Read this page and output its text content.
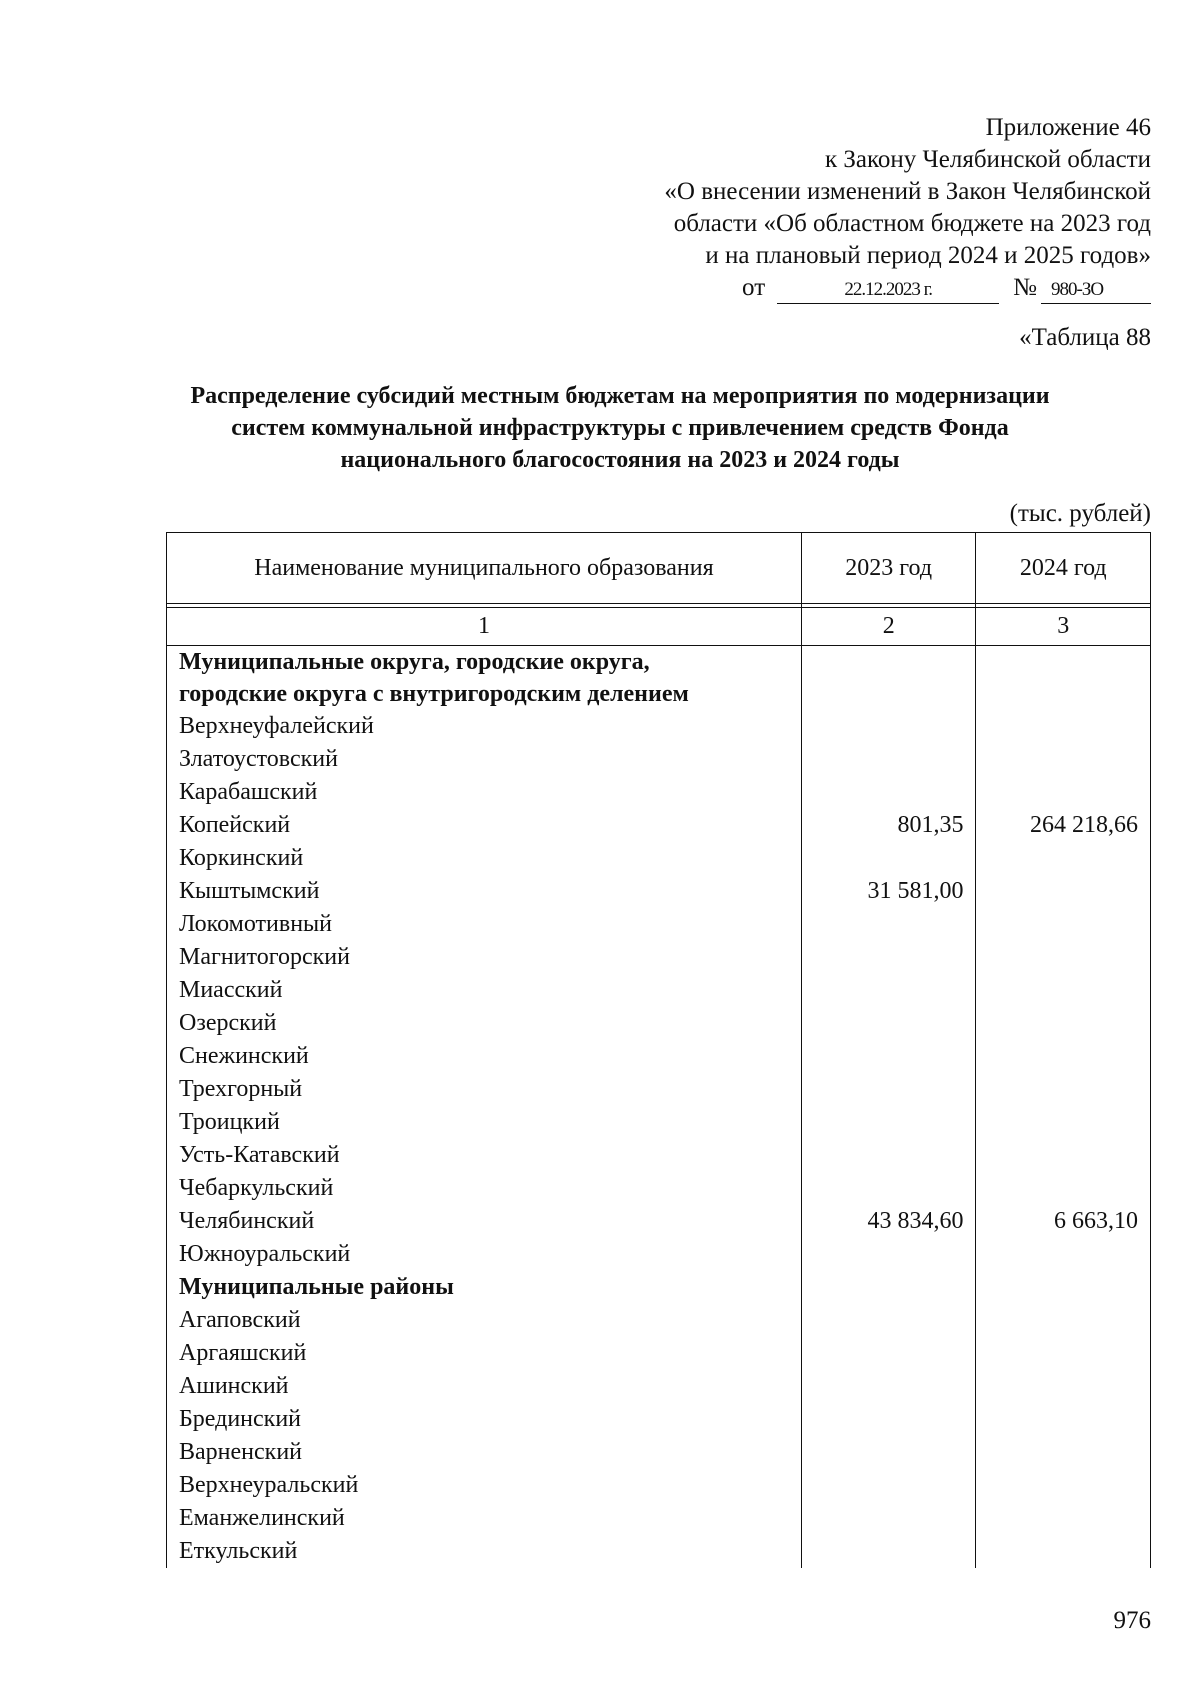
Приложение 46
к Закону Челябинской области
«О внесении изменений в Закон Челябинской
области «Об областном бюджете на 2023 год
и на плановый период 2024 и 2025 годов»
от	22.12.2023 г.	№ 980-ЗО
«Таблица 88
Распределение субсидий местным бюджетам на мероприятия по модернизации
систем коммунальной инфраструктуры с привлечением средств Фонда
национального благосостояния на 2023 и 2024 годы
(тыс. рублей)
Наименование муниципального образования	2023 год	2024 год

1	2	3

Муниципальные округа, городские округа,
городские округа с внутригородским делением		

Верхнеуфалейский		
Златоустовский		
Карабашский		
Копейский	801,35	264 218,66
Коркинский		
Кыштымский	31 581,00	
Локомотивный		
Магнитогорский		
Миасский		
Озерский		
Снежинский		
Трехгорный		
Троицкий		
Усть-Катавский		
Чебаркульский		
Челябинский	43 834,60	6 663,10
Южноуральский		
Муниципальные районы		
Агаповский		
Аргаяшский		
Ашинский		
Брединский		
Варненский		
Верхнеуральский		
Еманжелинский		
Еткульский		
976
